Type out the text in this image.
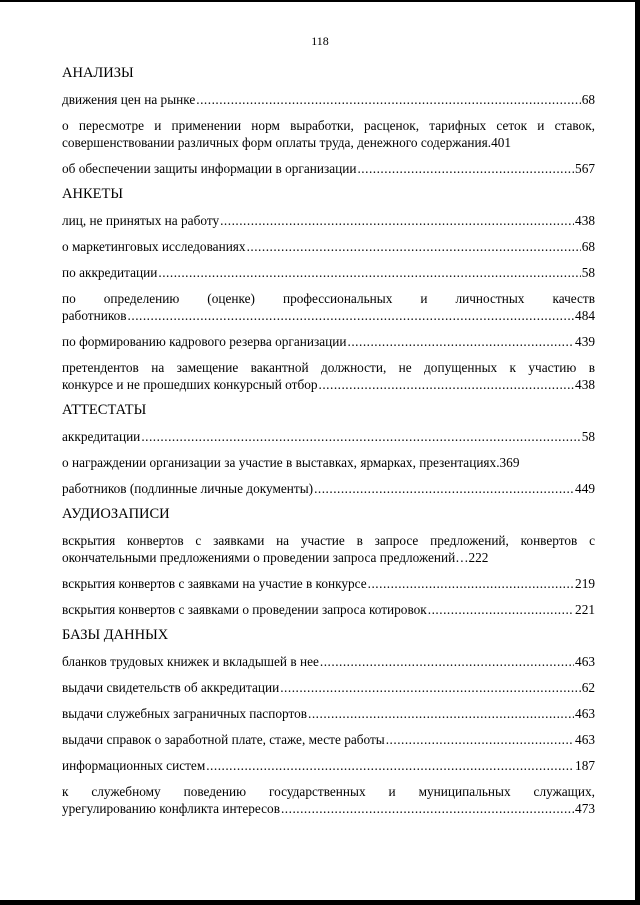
118
АНАЛИЗЫ
движения цен на рынке .....	68
о пересмотре и применении норм выработки, расценок, тарифных сеток и ставок,
совершенствовании различных форм оплаты труда, денежного содержания.401
об обеспечении защиты информации в организации .....	567
АНКЕТЫ
лиц, не принятых на работу .....	438
о маркетинговых исследованиях .....	68
по аккредитации .....	58
по определению (оценке) профессиональных и личностных качеств
работников .....	484
по формированию кадрового резерва организации .....	439
претендентов на замещение вакантной должности, не допущенных к участию в
конкурсе и не прошедших конкурсный отбор .....	438
АТТЕСТАТЫ
аккредитации .....	58
о награждении организации за участие в выставках, ярмарках, презентациях.369
работников (подлинные личные документы) .....	449
АУДИОЗАПИСИ
вскрытия конвертов с заявками на участие в запросе предложений, конвертов с
окончательными предложениями о проведении запроса предложений…222
вскрытия конвертов с заявками на участие в конкурсе .....	219
вскрытия конвертов с заявками о проведении запроса котировок .....	221
БАЗЫ ДАННЫХ
бланков трудовых книжек и вкладышей в нее .....	463
выдачи свидетельств об аккредитации .....	62
выдачи служебных заграничных паспортов .....	463
выдачи справок о заработной плате, стаже, месте работы .....	463
информационных систем .....	187
к служебному поведению государственных и муниципальных служащих,
урегулированию конфликта интересов .....	473
